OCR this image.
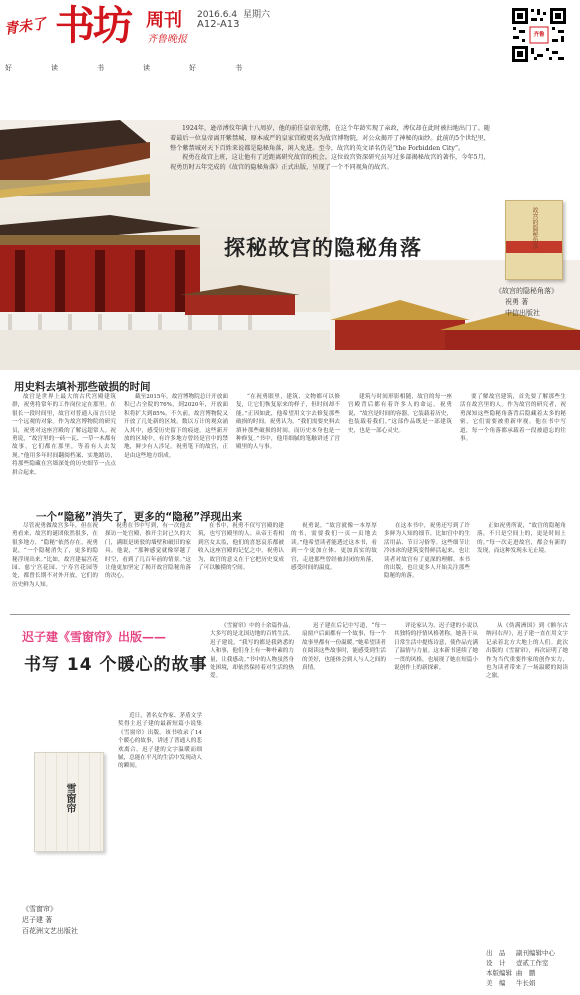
青未了 书坊 周刊 2016.6.4 星期六
A12-A13
齐鲁晚报
好	读	书	读	好	书
齐鲁

1924年，逊帝溥仪年满十八周岁，他的前任皇帝光绪，在这个年龄实现了亲政，溥仪却在此时被扫地出门了。随着最后一位皇帝离开紫禁城，原本威严的皇家宫殿更名为故宫博物院，对公众揭开了神秘的面纱。此前的5个世纪里，整个紫禁城对天下百姓来说都是隐秘角落，闲人免进。至今，故宫的英文译名仍是“the Forbidden City”。

祝勇在故宫上班，这让他有了近距离研究故宫的机会。这位故宫资深研究员写过多部揭秘故宫的著作，今年5月，祝勇历时五年完成的《故宫的隐秘角落》正式出版，呈现了一个不同视角的故宫。

故宫的隐秘角落
探秘故宫的隐秘角落
《故宫的隐秘角落》
祝勇 著
中信出版社
用史料去填补那些破损的时间

故宫是世界上最大的古代宫殿建筑群，祝勇将常年的工作岗位定在那里。在很长一段时间里，故宫对普通人而言只是一个远观的对象。作为故宫博物院的研究员，祝勇对这座宫殿的了解远超常人。祝勇说，“故宫里的一砖一瓦、一草一木都有故事，它们都在那里，等着有人去发现。”他用多年时间翻阅档案、实地踏访，将那些隐藏在宫墙深处的历史细节一点点拼合起来。

截至2015年，故宫博物院总计开放面积已占全院的76%，到2020年，开放面积将扩大到85%。不久前，故宫博物院又开放了几处新的区域，数以万计的观众涌入其中，感受历史留下的痕迹。这些新开放的区域中，有许多地方曾经是宫中的禁地，鲜少有人涉足。祝勇笔下的故宫，正是由这些地方组成。

“在祝勇眼里，建筑、文物都可以修复，让它们恢复原来的样子，但时间却不能。”正因如此，他希望用文字去修复那些破损的时间。祝勇认为，“我们需要史料去填补那些破损的时间，而历史本身也是一种修复。”书中，他用细腻的笔触讲述了宫殿里的人与事。

建筑与时间形影相随，故宫的每一座宫殿背后都有着许多人的命运。祝勇说，“故宫是时间的容器，它装载着历史，也装载着我们。”这部作品既是一部建筑史，也是一部心灵史。

要了解故宫建筑，首先要了解那些生活在故宫里的人。作为故宫的研究者，祝勇深知这些隐秘角落背后隐藏着太多的秘密，它们需要被重新审视。他在书中写道，每一个角落都承载着一段被遗忘的往事。

一个“隐秘”消失了，更多的“隐秘”浮现出来

尽管祝勇做故宫多年，但在祝勇看来，故宫的谜团依然很多，在很多地方，“隐秘”依然存在。祝勇说，“一个隐秘消失了，更多的隐秘浮现出来。”比如，故宫建福宫花园、慈宁宫花园、宁寿宫花园等处，都曾长期不对外开放，它们的历史鲜为人知。

祝勇在书中写到，有一次他去探访一处宫殿，推开尘封已久的大门，满眼是斑驳的墙壁和破旧的家具。他说，“那种感觉就像穿越了时空，看到了几百年前的情景。”这让他更加坚定了揭开故宫隐秘角落的决心。

在书中，祝勇不仅写宫殿的建筑，也写宫殿里的人。从帝王将相到宫女太监，他们的喜怒哀乐都被收入这座宫殿的记忆之中。祝勇认为，故宫的意义在于它把历史变成了可以触摸的空间。

祝勇说，“故宫就像一本厚厚的书，需要我们一页一页地去读。”他希望读者能透过这本书，看到一个更加立体、更加真实的故宫，走进那些曾经被封闭的角落，感受时间的温度。

在这本书中，祝勇还写到了许多鲜为人知的细节，比如宫中的生活用品、节日习俗等。这些细节让冷冰冰的建筑变得鲜活起来，也让读者对故宫有了更深的理解。本书的出版，也让更多人开始关注那些隐秘的角落。

正如祝勇所说，“故宫的隐秘角落，不只是空间上的，更是时间上的。”每一次走进故宫，都会有新的发现，而这种发现永无止境。

迟子建《雪窗帘》出版——
书写 14 个暖心的故事
雪窗帘
《雪窗帘》
迟子建 著
百花洲文艺出版社

近日，著名女作家、茅盾文学奖得主迟子建的最新短篇小说集《雪窗帘》出版。该书收录了14个暖心的故事，讲述了普通人的悲欢离合。迟子建的文字温暖而细腻，总能在平凡的生活中发现动人的瞬间。

《雪窗帘》中的十余篇作品，大多写的是北国边地的百姓生活。迟子建说，“我写的都是我熟悉的人和事，他们身上有一种朴素的力量，让我感动。”书中的人物虽然身处困境，却依然保持着对生活的热爱。

迟子建在后记中写道，“每一扇窗户后面都有一个故事，每一个故事里都有一份温暖。”她希望读者在阅读这些故事时，能感受到生活的美好，也能体会到人与人之间的真情。

评论家认为，迟子建的小说以其独特的抒情风格著称，她善于从日常生活中提炼诗意，使作品充满了温情与力量。这本新书延续了她一贯的风格，也展现了她在短篇小说创作上的新探索。

从《伪满洲国》到《额尔古纳河右岸》，迟子建一直在用文字记录着北方大地上的人们。此次出版的《雪窗帘》，再次证明了她作为当代重要作家的创作实力，也为读者带来了一场温暖的阅读之旅。

出　品 副刊编辑中心
设　计 壹贰工作室
本版编辑 曲　鹏
美　编 牛长娟
